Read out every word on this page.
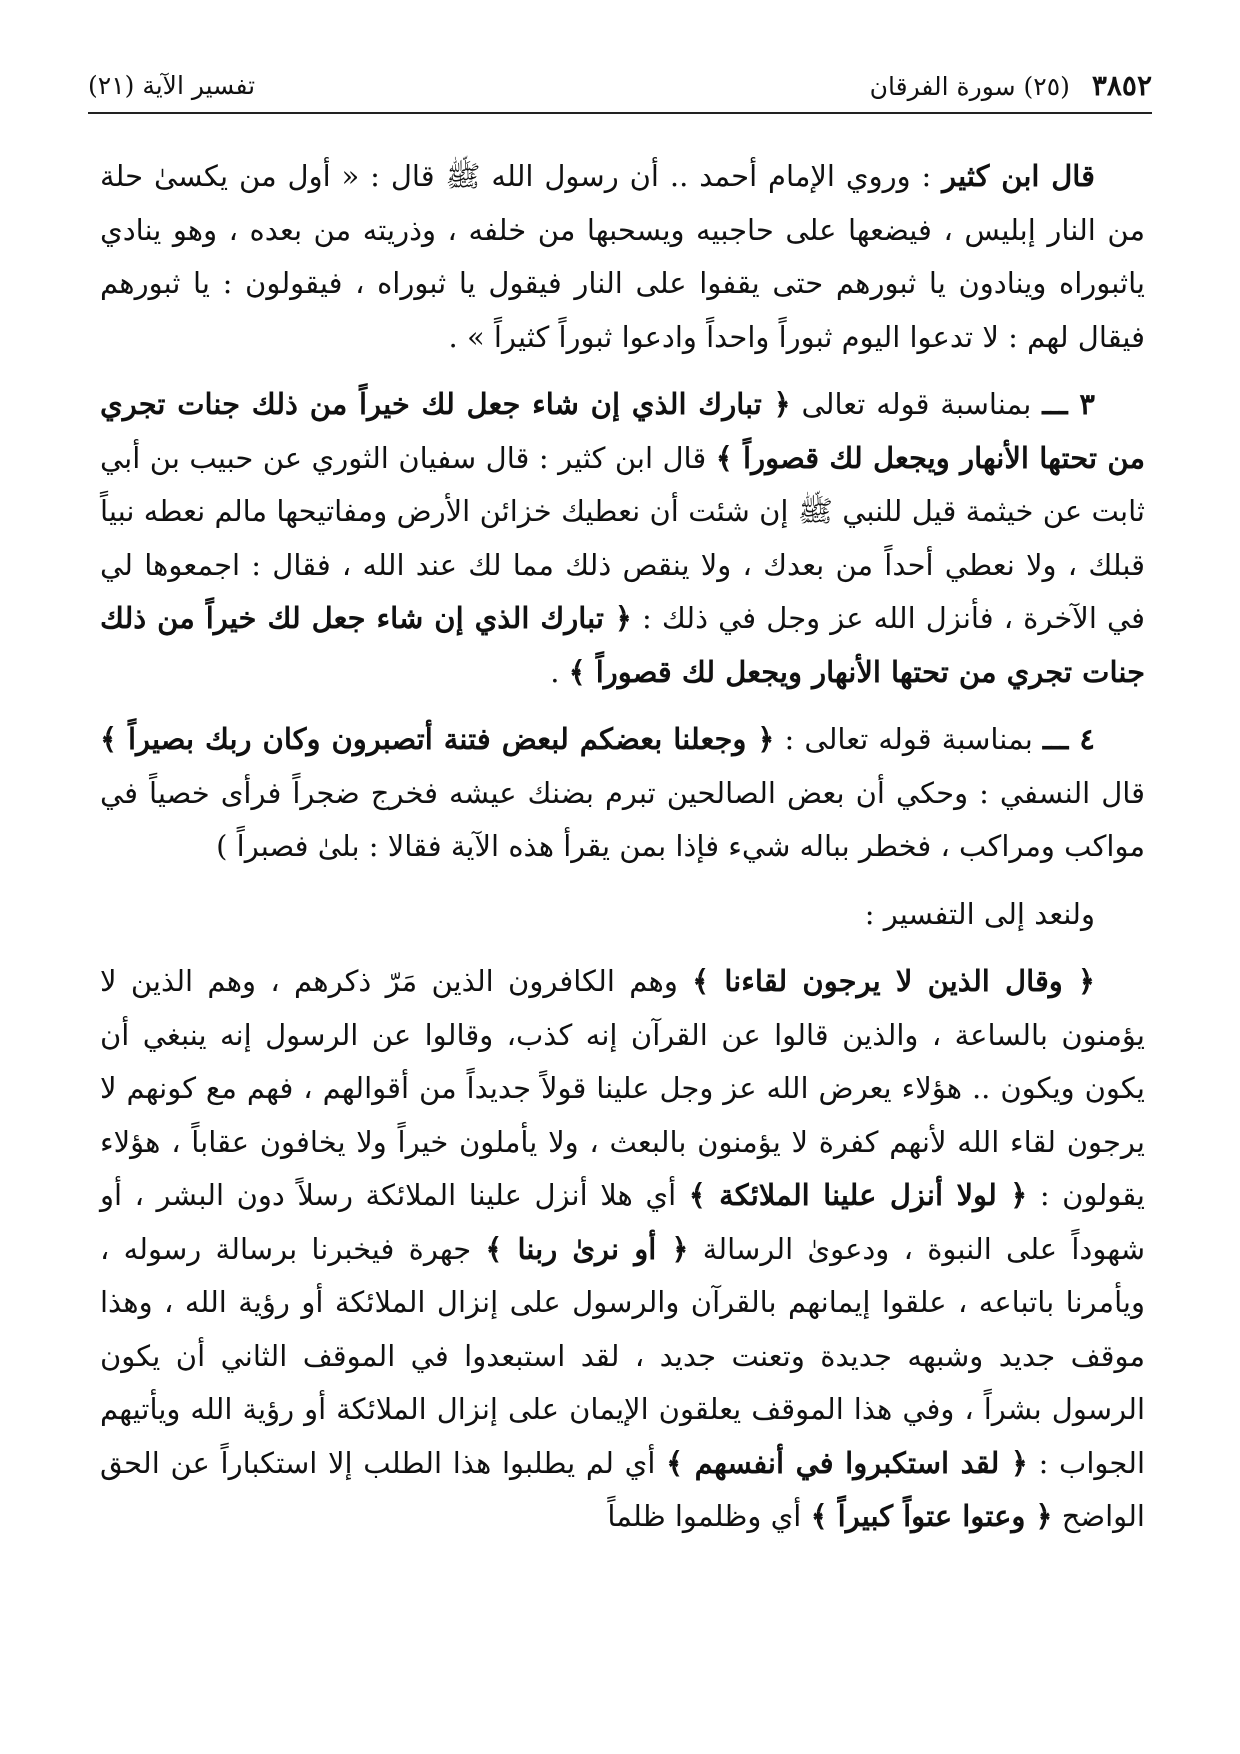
٣٨٥٢ (٢٥) سورة الفرقان
تفسير الآية (٢١)

قال ابن كثير : وروي الإمام أحمد .. أن رسول الله ﷺ قال : « أول من يكسىٰ حلة من النار إبليس ، فيضعها على حاجبيه ويسحبها من خلفه ، وذريته من بعده ، وهو ينادي ياثبوراه وينادون يا ثبورهم حتى يقفوا على النار فيقول يا ثبوراه ، فيقولون : يا ثبورهم فيقال لهم : لا تدعوا اليوم ثبوراً واحداً وادعوا ثبوراً كثيراً » .

٣ ـــ بمناسبة قوله تعالى ﴿ تبارك الذي إن شاء جعل لك خيراً من ذلك جنات تجري من تحتها الأنهار ويجعل لك قصوراً ﴾ قال ابن كثير : قال سفيان الثوري عن حبيب بن أبي ثابت عن خيثمة قيل للنبي ﷺ إن شئت أن نعطيك خزائن الأرض ومفاتيحها مالم نعطه نبياً قبلك ، ولا نعطي أحداً من بعدك ، ولا ينقص ذلك مما لك عند الله ، فقال : اجمعوها لي في الآخرة ، فأنزل الله عز وجل في ذلك : ﴿ تبارك الذي إن شاء جعل لك خيراً من ذلك جنات تجري من تحتها الأنهار ويجعل لك قصوراً ﴾ .

٤ ـــ بمناسبة قوله تعالى : ﴿ وجعلنا بعضكم لبعض فتنة أتصبرون وكان ربك بصيراً ﴾ قال النسفي : وحكي أن بعض الصالحين تبرم بضنك عيشه فخرج ضجراً فرأى خصياً في مواكب ومراكب ، فخطر بباله شيء فإذا بمن يقرأ هذه الآية فقالا : بلىٰ فصبراً )

ولنعد إلى التفسير :

﴿ وقال الذين لا يرجون لقاءنا ﴾ وهم الكافرون الذين مَرّ ذكرهم ، وهم الذين لا يؤمنون بالساعة ، والذين قالوا عن القرآن إنه كذب، وقالوا عن الرسول إنه ينبغي أن يكون ويكون .. هؤلاء يعرض الله عز وجل علينا قولاً جديداً من أقوالهم ، فهم مع كونهم لا يرجون لقاء الله لأنهم كفرة لا يؤمنون بالبعث ، ولا يأملون خيراً ولا يخافون عقاباً ، هؤلاء يقولون : ﴿ لولا أنزل علينا الملائكة ﴾ أي هلا أنزل علينا الملائكة رسلاً دون البشر ، أو شهوداً على النبوة ، ودعوىٰ الرسالة ﴿ أو نرىٰ ربنا ﴾ جهرة فيخبرنا برسالة رسوله ، ويأمرنا باتباعه ، علقوا إيمانهم بالقرآن والرسول على إنزال الملائكة أو رؤية الله ، وهذا موقف جديد وشبهه جديدة وتعنت جديد ، لقد استبعدوا في الموقف الثاني أن يكون الرسول بشراً ، وفي هذا الموقف يعلقون الإيمان على إنزال الملائكة أو رؤية الله ويأتيهم الجواب : ﴿ لقد استكبروا في أنفسهم ﴾ أي لم يطلبوا هذا الطلب إلا استكباراً عن الحق الواضح ﴿ وعتوا عتواً كبيراً ﴾ أي وظلموا ظلماً
